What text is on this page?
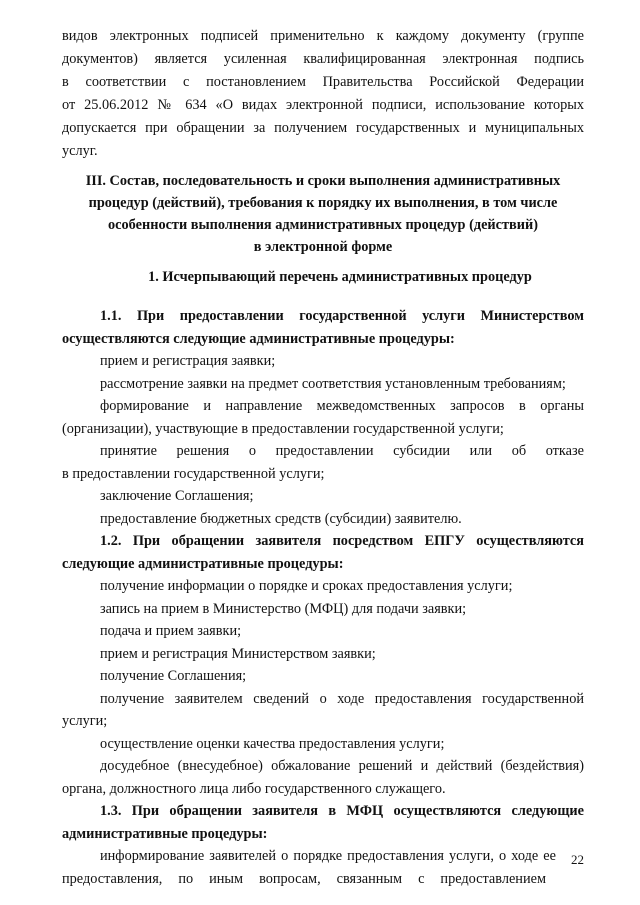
видов электронных подписей применительно к каждому документу (группе
документов) является усиленная квалифицированная электронная подпись
в соответствии с постановлением Правительства Российской Федерации
от 25.06.2012 № 634 «О видах электронной подписи, использование которых
допускается при обращении за получением государственных и муниципальных
услуг.
III. Состав, последовательность и сроки выполнения административных
процедур (действий), требования к порядку их выполнения, в том числе
особенности выполнения административных процедур (действий)
в электронной форме
1. Исчерпывающий перечень административных процедур
1.1. При предоставлении государственной услуги Министерством
осуществляются следующие административные процедуры:
прием и регистрация заявки;
рассмотрение заявки на предмет соответствия установленным требованиям;
формирование и направление межведомственных запросов в органы
(организации), участвующие в предоставлении государственной услуги;
принятие решения о предоставлении субсидии или об отказе
в предоставлении государственной услуги;
заключение Соглашения;
предоставление бюджетных средств (субсидии) заявителю.
1.2. При обращении заявителя посредством ЕПГУ осуществляются
следующие административные процедуры:
получение информации о порядке и сроках предоставления услуги;
запись на прием в Министерство (МФЦ) для подачи заявки;
подача и прием заявки;
прием и регистрация Министерством заявки;
получение Соглашения;
получение заявителем сведений о ходе предоставления государственной
услуги;
осуществление оценки качества предоставления услуги;
досудебное (внесудебное) обжалование решений и действий (бездействия)
органа, должностного лица либо государственного служащего.
1.3. При обращении заявителя в МФЦ осуществляются следующие
административные процедуры:
информирование заявителей о порядке предоставления услуги, о ходе ее
предоставления, по иным вопросам, связанным с предоставлением
22
